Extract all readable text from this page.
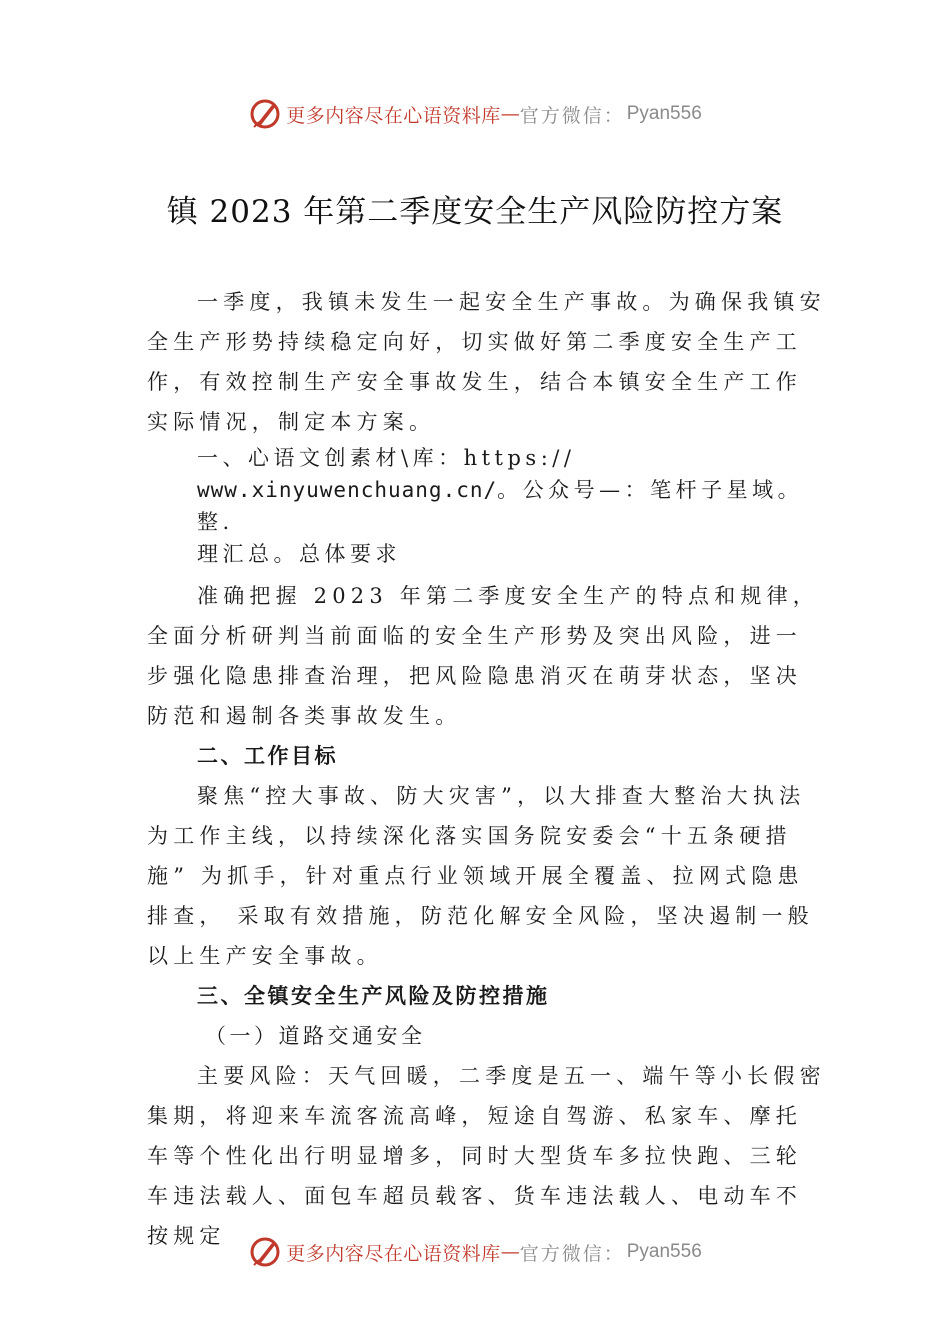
更多内容尽在心语资料库 — 官方微信： Pyan556
镇 2023 年第二季度安全生产风险防控方案

一季度，我镇未发生一起安全生产事故。为确保我镇安全生产形势持续稳定向好，切实做好第二季度安全生产工作，有效控制生产安全事故发生，结合本镇安全生产工作实际情况，制定本方案。

一、心语文创素材\库：https://

www.xinyuwenchuang.cn/。公众号—：笔杆子星域。整.

理汇总。总体要求

准确把握 2023 年第二季度安全生产的特点和规律，全面分析研判当前面临的安全生产形势及突出风险，进一步强化隐患排查治理，把风险隐患消灭在萌芽状态，坚决防范和遏制各类事故发生。

二、工作目标

聚焦“控大事故、防大灾害”，以大排查大整治大执法为工作主线，以持续深化落实国务院安委会“十五条硬措施” 为抓手，针对重点行业领域开展全覆盖、拉网式隐患排查， 采取有效措施，防范化解安全风险，坚决遏制一般以上生产安全事故。

三、全镇安全生产风险及防控措施

（一）道路交通安全

主要风险：天气回暖，二季度是五一、端午等小长假密集期，将迎来车流客流高峰，短途自驾游、私家车、摩托车等个性化出行明显增多，同时大型货车多拉快跑、三轮车违法载人、面包车超员载客、货车违法载人、电动车不按规定

更多内容尽在心语资料库 — 官方微信： Pyan556
